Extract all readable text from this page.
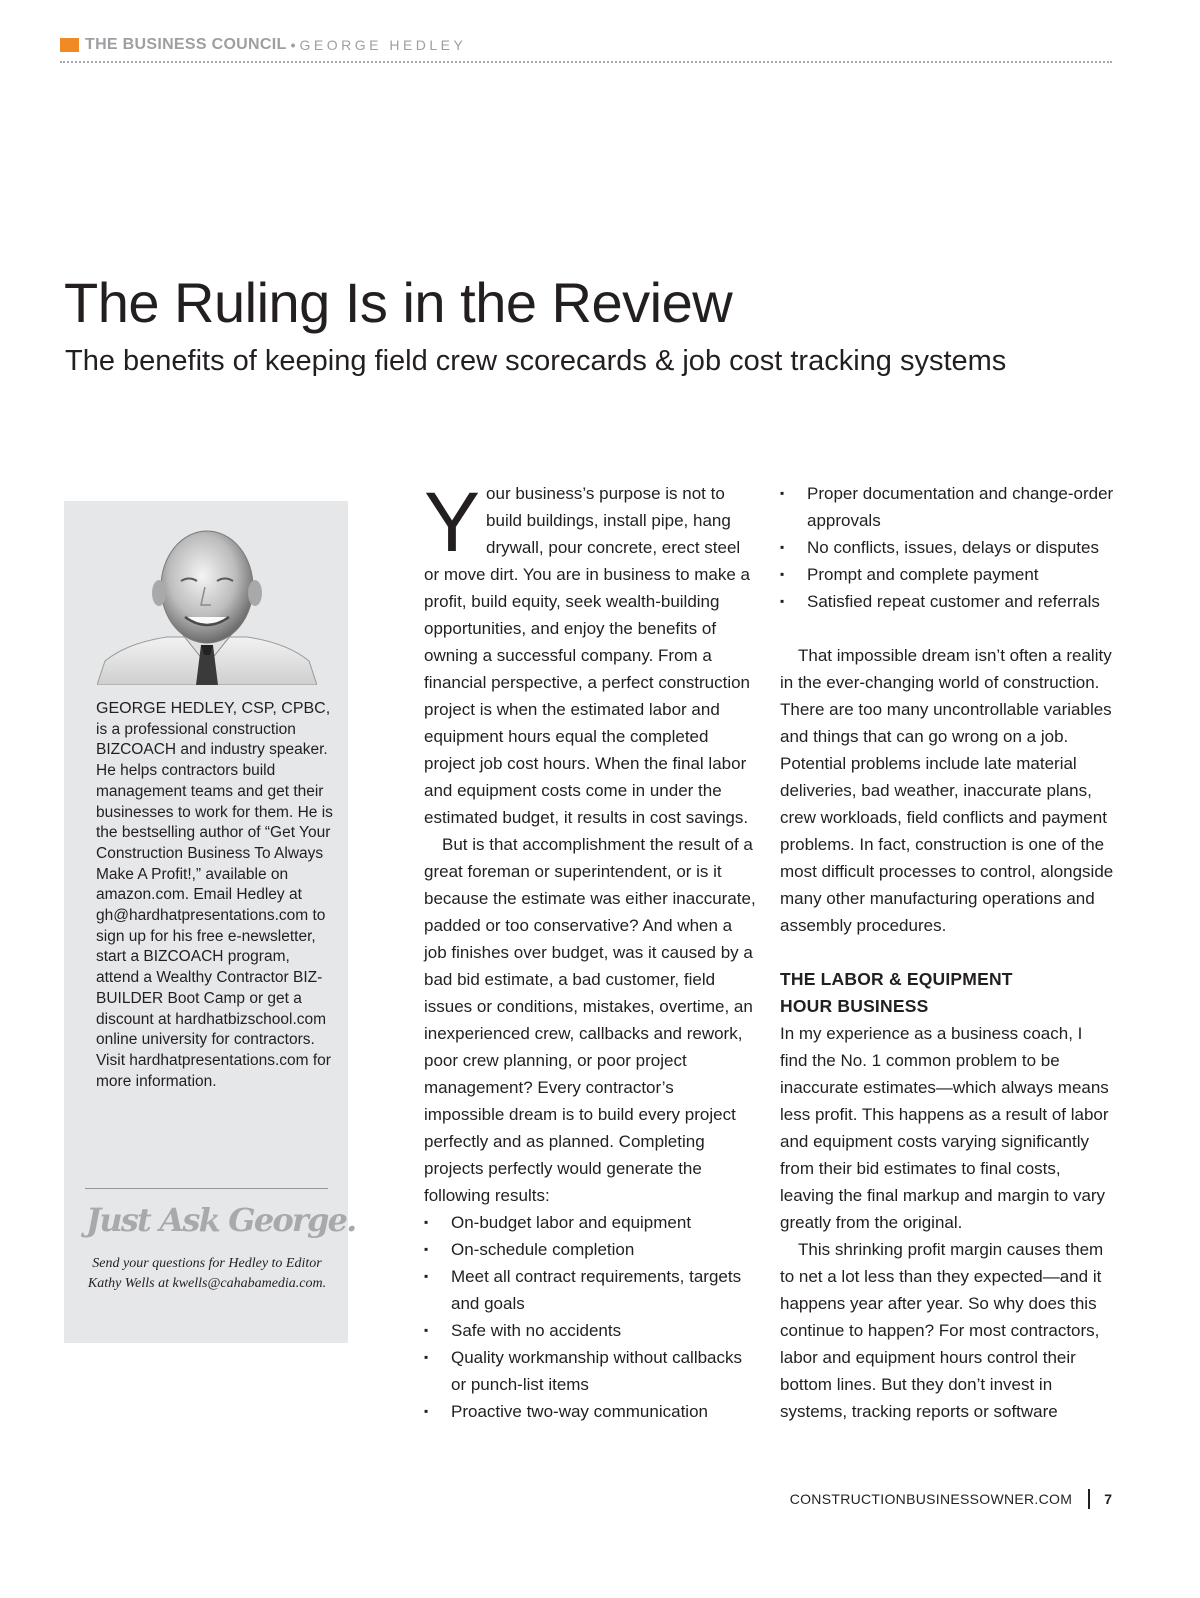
THE BUSINESS COUNCIL • GEORGE HEDLEY
The Ruling Is in the Review
The benefits of keeping field crew scorecards & job cost tracking systems

GEORGE HEDLEY, CSP, CPBC, is a professional construction BIZCOACH and industry speaker. He helps contractors build management teams and get their businesses to work for them. He is the bestselling author of “Get Your Construction Business To Always Make A Profit!,” available on amazon.com. Email Hedley at gh@hardhatpresentations.com to sign up for his free e-newsletter, start a BIZCOACH program, attend a Wealthy Contractor BIZ-BUILDER Boot Camp or get a discount at hardhatbizschool.com online university for contractors. Visit hardhatpresentations.com for more information.

Just Ask George.

Send your questions for Hedley to Editor Kathy Wells at kwells@cahabamedia.com.

Your business’s purpose is not to build buildings, install pipe, hang drywall, pour concrete, erect steel or move dirt. You are in business to make a profit, build equity, seek wealth-building opportunities, and enjoy the benefits of owning a successful company. From a financial perspective, a perfect construction project is when the estimated labor and equipment hours equal the completed project job cost hours. When the final labor and equipment costs come in under the estimated budget, it results in cost savings.

But is that accomplishment the result of a great foreman or superintendent, or is it because the estimate was either inaccurate, padded or too conservative? And when a job finishes over budget, was it caused by a bad bid estimate, a bad customer, field issues or conditions, mistakes, overtime, an inexperienced crew, callbacks and rework, poor crew planning, or poor project management? Every contractor’s impossible dream is to build every project perfectly and as planned. Completing projects perfectly would generate the following results:

▪ On-budget labor and equipment
▪ On-schedule completion
▪ Meet all contract requirements, targets and goals
▪ Safe with no accidents
▪ Quality workmanship without callbacks or punch-list items
▪ Proactive two-way communication
▪ Proper documentation and change-order approvals
▪ No conflicts, issues, delays or disputes
▪ Prompt and complete payment
▪ Satisfied repeat customer and referrals

That impossible dream isn’t often a reality in the ever-changing world of construction. There are too many uncontrollable variables and things that can go wrong on a job. Potential problems include late material deliveries, bad weather, inaccurate plans, crew workloads, field conflicts and payment problems. In fact, construction is one of the most difficult processes to control, alongside many other manufacturing operations and assembly procedures.

THE LABOR & EQUIPMENT
HOUR BUSINESS

In my experience as a business coach, I find the No. 1 common problem to be inaccurate estimates—which always means less profit. This happens as a result of labor and equipment costs varying significantly from their bid estimates to final costs, leaving the final markup and margin to vary greatly from the original.

This shrinking profit margin causes them to net a lot less than they expected—and it happens year after year. So why does this continue to happen? For most contractors, labor and equipment hours control their bottom lines. But they don’t invest in systems, tracking reports or software

CONSTRUCTIONBUSINESSOWNER.COM 7
